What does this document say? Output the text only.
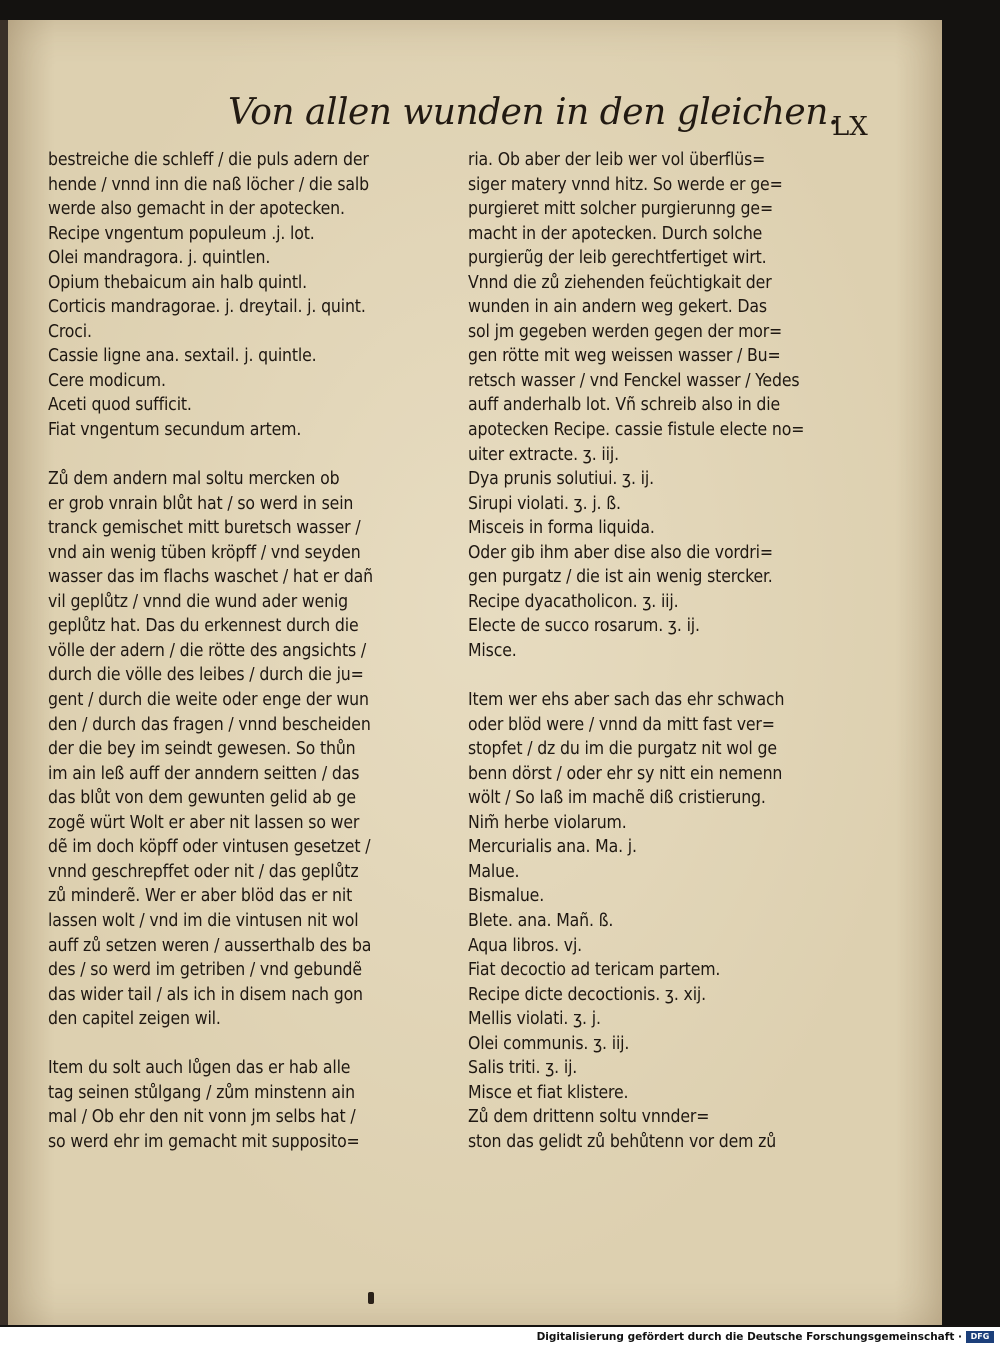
Von allen wunden in den gleichen.
LX
bestreiche die schleff / die puls adern der
hende / vnnd inn die naß löcher / die salb
werde also gemacht in der apotecken.
Recipe vngentum populeum .j. lot.
Olei mandragora. j. quintlen.
Opium thebaicum ain halb quintl.
Corticis mandragorae. j. dreytail. j. quint.
Croci.
Cassie ligne ana. sextail. j. quintle.
Cere modicum.
Aceti quod sufficit.
Fiat vngentum secundum artem.
Zů dem andern mal soltu mercken ob
er grob vnrain blůt hat / so werd in sein
tranck gemischet mitt buretsch wasser /
vnd ain wenig tüben kröpff / vnd seyden
wasser das im flachs waschet / hat er dañ
vil geplůtz / vnnd die wund ader wenig
geplůtz hat. Das du erkennest durch die
völle der adern / die rötte des angsichts /
durch die völle des leibes / durch die ju=
gent / durch die weite oder enge der wun
den / durch das fragen / vnnd bescheiden
der die bey im seindt gewesen. So thůn
im ain leß auff der anndern seitten / das
das blůt von dem gewunten gelid ab ge
zogẽ würt Wolt er aber nit lassen so wer
dẽ im doch köpff oder vintusen gesetzet /
vnnd geschrepffet oder nit / das geplůtz
zů minderẽ. Wer er aber blöd das er nit
lassen wolt / vnd im die vintusen nit wol
auff zů setzen weren / ausserthalb des ba
des / so werd im getriben / vnd gebundẽ
das wider tail / als ich in disem nach gon
den capitel zeigen wil.
Item du solt auch lůgen das er hab alle
tag seinen stůlgang / zům minstenn ain
mal / Ob ehr den nit vonn jm selbs hat /
so werd ehr im gemacht mit supposito=
ria. Ob aber der leib wer vol überflüs=
siger matery vnnd hitz. So werde er ge=
purgieret mitt solcher purgierunng ge=
macht in der apotecken. Durch solche
purgierũg der leib gerechtfertiget wirt.
Vnnd die zů ziehenden feüchtigkait der
wunden in ain andern weg gekert. Das
sol jm gegeben werden gegen der mor=
gen rötte mit weg weissen wasser / Bu=
retsch wasser / vnd Fenckel wasser / Yedes
auff anderhalb lot. Vñ schreib also in die
apotecken Recipe. cassie fistule electe no=
uiter extracte. ʒ. iij.
Dya prunis solutiui. ʒ. ij.
Sirupi violati. ʒ. j. ß.
Misceis in forma liquida.
Oder gib ihm aber dise also die vordri=
gen purgatz / die ist ain wenig stercker.
Recipe dyacatholicon. ʒ. iij.
Electe de succo rosarum. ʒ. ij.
Misce.
Item wer ehs aber sach das ehr schwach
oder blöd were / vnnd da mitt fast ver=
stopfet / dz du im die purgatz nit wol ge
benn dörst / oder ehr sy nitt ein nemenn
wölt / So laß im machẽ diß cristierung.
Nim̃ herbe violarum.
Mercurialis ana. Ma. j.
Malue.
Bismalue.
Blete. ana. Mañ. ß.
Aqua libros. vj.
Fiat decoctio ad tericam partem.
Recipe dicte decoctionis. ʒ. xij.
Mellis violati. ʒ. j.
Olei communis. ʒ. iij.
Salis triti. ʒ. ij.
Misce et fiat klistere.
Zů dem drittenn soltu vnnder=
ston das gelidt zů behůtenn vor dem zů
Digitalisierung gefördert durch die Deutsche Forschungsgemeinschaft ·	DFG
